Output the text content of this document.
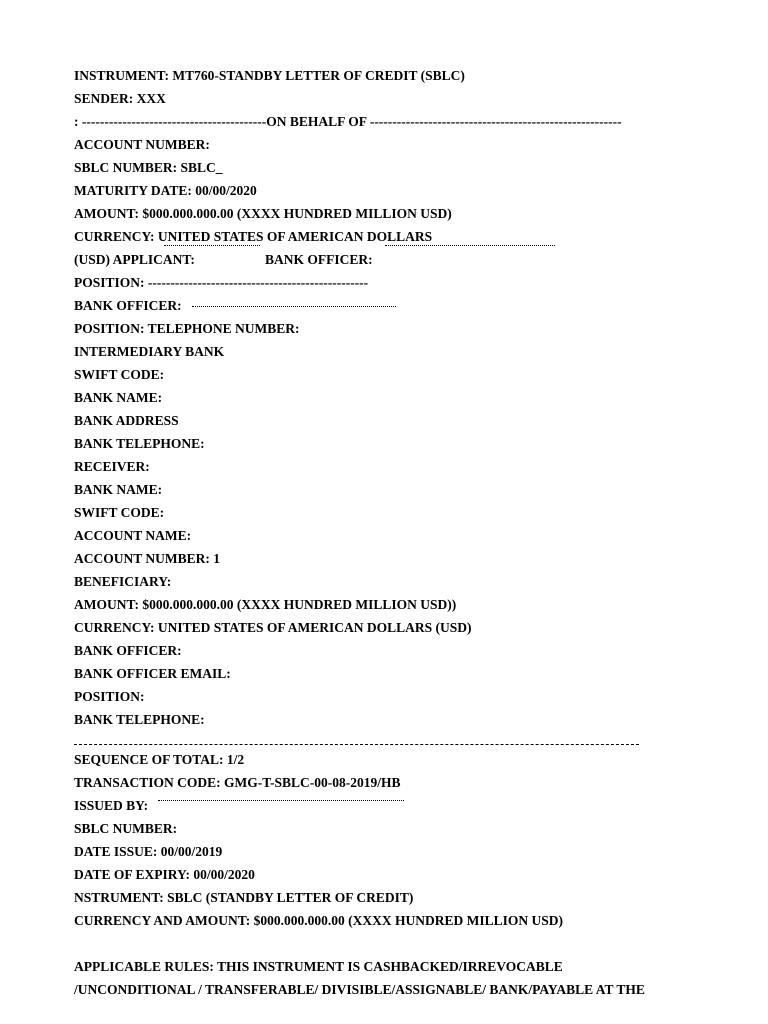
INSTRUMENT: MT760-STANDBY LETTER OF CREDIT (SBLC)
SENDER: XXX
: -----------------------------------------ON BEHALF OF --------------------------------------------------------
ACCOUNT NUMBER:
SBLC NUMBER: SBLC_
MATURITY DATE: 00/00/2020
AMOUNT: $000.000.000.00 (XXXX HUNDRED MILLION USD)
CURRENCY: UNITED STATES OF AMERICAN DOLLARS
(USD) APPLICANT:	BANK OFFICER:
POSITION: -------------------------------------------------
BANK OFFICER:
POSITION: TELEPHONE NUMBER:
INTERMEDIARY BANK
SWIFT CODE:
BANK NAME:
BANK ADDRESS
BANK TELEPHONE:
RECEIVER:
BANK NAME:
SWIFT CODE:
ACCOUNT NAME:
ACCOUNT NUMBER: 1
BENEFICIARY:
AMOUNT: $000.000.000.00 (XXXX HUNDRED MILLION USD))
CURRENCY: UNITED STATES OF AMERICAN DOLLARS (USD)
BANK OFFICER:
BANK OFFICER EMAIL:
POSITION:
BANK TELEPHONE:
SEQUENCE OF TOTAL: 1/2
TRANSACTION CODE: GMG-T-SBLC-00-08-2019/HB
ISSUED BY:
SBLC NUMBER:
DATE ISSUE: 00/00/2019
DATE OF EXPIRY: 00/00/2020
NSTRUMENT: SBLC (STANDBY LETTER OF CREDIT)
CURRENCY AND AMOUNT: $000.000.000.00 (XXXX HUNDRED MILLION USD)
APPLICABLE RULES: THIS INSTRUMENT IS CASHBACKED/IRREVOCABLE
/UNCONDITIONAL / TRANSFERABLE/ DIVISIBLE/ASSIGNABLE/ BANK/PAYABLE AT THE
